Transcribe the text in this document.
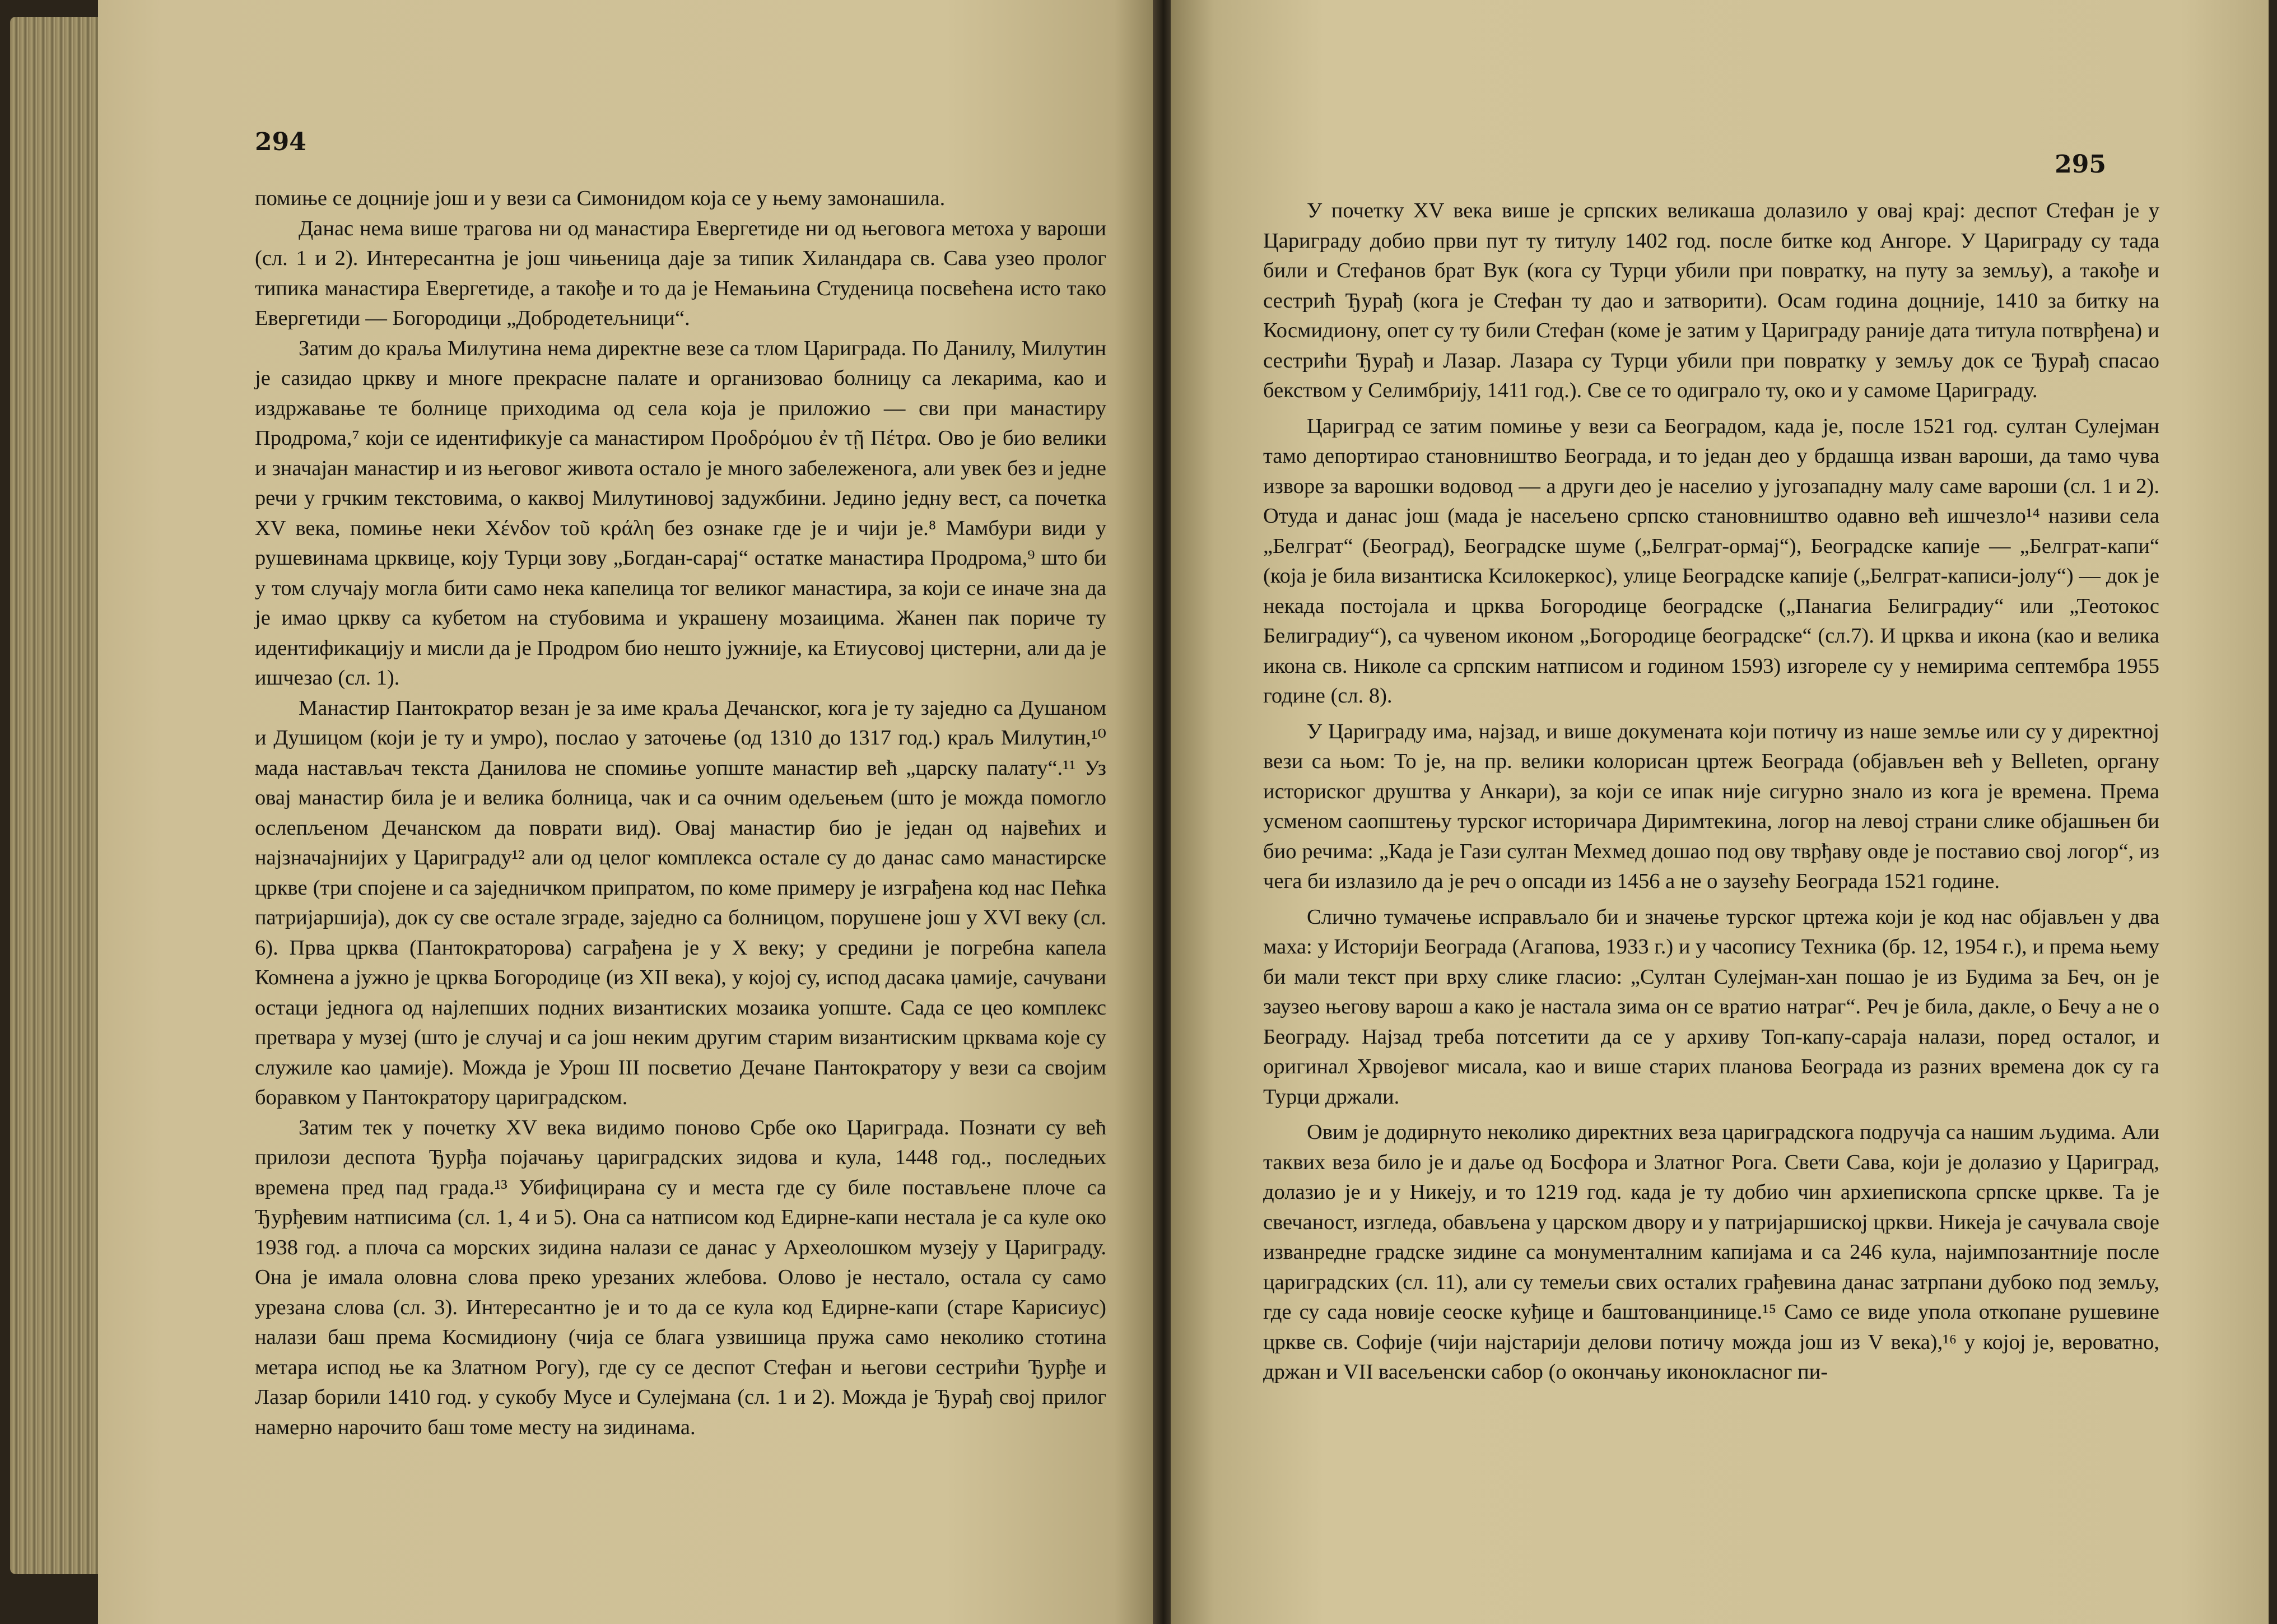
294

помиње се доцније још и у вези са Симонидом која се у њему замонашила.

Данас нема више трагова ни од манастира Евергетиде ни од његовога метоха у вароши (сл. 1 и 2). Интересантна је још чињеница даје за типик Хиландара св. Сава узео пролог типика манастира Евергетиде, а такође и то да је Немањина Студеница посвећена исто тако Евергетиди — Богородици „Добродетељници“.

Затим до краља Милутина нема директне везе са тлом Цариграда. По Данилу, Милутин је сазидао цркву и многе прекрасне палате и организовао болницу са лекарима, као и издржавање те болнице приходима од села која је приложио — сви при манастиру Продрома,⁷ који се идентификује са манастиром Προδρόμου ἐν τῇ Πέτρα. Ово је био велики и значајан манастир и из његовог живота остало је много забележенога, али увек без и једне речи у грчким текстовима, о каквој Милутиновој задужбини. Једино једну вест, са почетка XV века, помиње неки Χένδον τοῦ κράλη без ознаке где је и чији је.⁸ Мамбури види у рушевинама црквице, коју Турци зову „Богдан-сарај“ остатке манастира Продрома,⁹ што би у том случају могла бити само нека капелица тог великог манастира, за који се иначе зна да је имао цркву са кубетом на стубовима и украшену мозаицима. Жанен пак пориче ту идентификацију и мисли да је Продром био нешто јужније, ка Етиусовој цистерни, али да је ишчезао (сл. 1).

Манастир Пантократор везан је за име краља Дечанског, кога је ту заједно са Душаном и Душицом (који је ту и умро), послао у заточење (од 1310 до 1317 год.) краљ Милутин,¹⁰ мада настављач текста Данилова не спомиње уопште манастир већ „царску палату“.¹¹ Уз овај манастир била је и велика болница, чак и са очним одељењем (што је можда помогло ослепљеном Дечанском да поврати вид). Овај манастир био је један од највећих и најзначајнијих у Цариграду¹² али од целог комплекса остале су до данас само манастирске цркве (три спојене и са заједничком припратом, по коме примеру је изграђена код нас Пећка патријаршија), док су све остале зграде, заједно са болницом, порушене још у XVI веку (сл. 6). Прва црква (Пантократорова) саграђена је у X веку; у средини је погребна капела Комнена а јужно је црква Богородице (из XII века), у којој су, испод дасака џамије, сачувани остаци једнога од најлепших подних византиских мозаика уопште. Сада се цео комплекс претвара у музеј (што је случај и са још неким другим старим византиским црквама које су служиле као џамије). Можда је Урош III посветио Дечане Пантократору у вези са својим боравком у Пантократору цариградском.

Затим тек у почетку XV века видимо поново Србе око Цариграда. Познати су већ прилози деспота Ђурђа појачању цариградских зидова и кула, 1448 год., последњих времена пред пад града.¹³ Убифицирана су и места где су биле постављене плоче са Ђурђевим натписима (сл. 1, 4 и 5). Она са натписом код Едирне-капи нестала је са куле око 1938 год. а плоча са морских зидина налази се данас у Археолошком музеју у Цариграду. Она је имала оловна слова преко урезаних жлебова. Олово је нестало, остала су само урезана слова (сл. 3). Интересантно је и то да се кула код Едирне-капи (старе Карисиус) налази баш према Космидиону (чија се блага узвишица пружа само неколико стотина метара испод ње ка Златном Рогу), где су се деспот Стефан и његови сестрићи Ђурђе и Лазар борили 1410 год. у сукобу Мусе и Сулејмана (сл. 1 и 2). Можда је Ђурађ свој прилог намерно нарочито баш томе месту на зидинама.

295

У почетку XV века више је српских великаша долазило у овај крај: деспот Стефан је у Цариграду добио први пут ту титулу 1402 год. после битке код Ангоре. У Цариграду су тада били и Стефанов брат Вук (кога су Турци убили при повратку, на путу за земљу), а такође и сестрић Ђурађ (кога је Стефан ту дао и затворити). Осам година доцније, 1410 за битку на Космидиону, опет су ту били Стефан (коме је затим у Цариграду раније дата титула потврђена) и сестрићи Ђурађ и Лазар. Лазара су Турци убили при повратку у земљу док се Ђурађ спасао бекством у Селимбрију, 1411 год.). Све се то одиграло ту, око и у самоме Цариграду.

Цариград се затим помиње у вези са Београдом, када је, после 1521 год. султан Сулејман тамо депортирао становништво Београда, и то један део у брдашца изван вароши, да тамо чува изворе за варошки водовод — а други део је населио у југозападну малу саме вароши (сл. 1 и 2). Отуда и данас још (мада је насељено српско становништво одавно већ ишчезло¹⁴ називи села „Белграт“ (Београд), Београдске шуме („Белграт-ормај“), Београдске капије — „Белграт-капи“ (која је била византиска Ксилокеркос), улице Београдске капије („Белграт-каписи-јолу“) — док је некада постојала и црква Богородице београдске („Панагиа Белиградиу“ или „Теотокос Белиградиу“), са чувеном иконом „Богородице београдске“ (сл.7). И црква и икона (као и велика икона св. Николе са српским натписом и годином 1593) изгореле су у немирима септембра 1955 године (сл. 8).

У Цариграду има, најзад, и више докумената који потичу из наше земље или су у директној вези са њом: То је, на пр. велики колорисан цртеж Београда (објављен већ у Belleten, органу историског друштва у Анкари), за који се ипак није сигурно знало из кога је времена. Према усменом саопштењу турског историчара Диримтекина, логор на левој страни слике објашњен би био речима: „Када је Гази султан Мехмед дошао под ову тврђаву овде је поставио свој логор“, из чега би излазило да је реч о опсади из 1456 а не о заузећу Београда 1521 године.

Слично тумачење исправљало би и значење турског цртежа који је код нас објављен у два маха: у Историји Београда (Агапова, 1933 г.) и у часопису Техника (бр. 12, 1954 г.), и према њему би мали текст при врху слике гласио: „Султан Сулејман-хан пошао је из Будима за Беч, он је заузео његову варош а како је настала зима он се вратио натраг“. Реч је била, дакле, о Бечу а не о Београду. Најзад треба потсетити да се у архиву Топ-капу-сараја налази, поред осталог, и оригинал Хрвојевог мисала, као и више старих планова Београда из разних времена док су га Турци држали.

Овим је додирнуто неколико директних веза цариградскога подручја са нашим људима. Али таквих веза било је и даље од Босфора и Златног Рога. Свети Сава, који је долазио у Цариград, долазио је и у Никеју, и то 1219 год. када је ту добио чин архиепископа српске цркве. Та је свечаност, изгледа, обављена у царском двору и у патријаршиској цркви. Никеја је сачувала своје изванредне градске зидине са монументалним капијама и са 246 кула, најимпозантније после цариградских (сл. 11), али су темељи свих осталих грађевина данас затрпани дубоко под земљу, где су сада новије сеоске куђице и баштованџинице.¹⁵ Само се виде упола откопане рушевине цркве св. Софије (чији најстарији делови потичу можда још из V века),¹⁶ у којој је, вероватно, држан и VII васељенски сабор (о окончању иконокласног пи-
